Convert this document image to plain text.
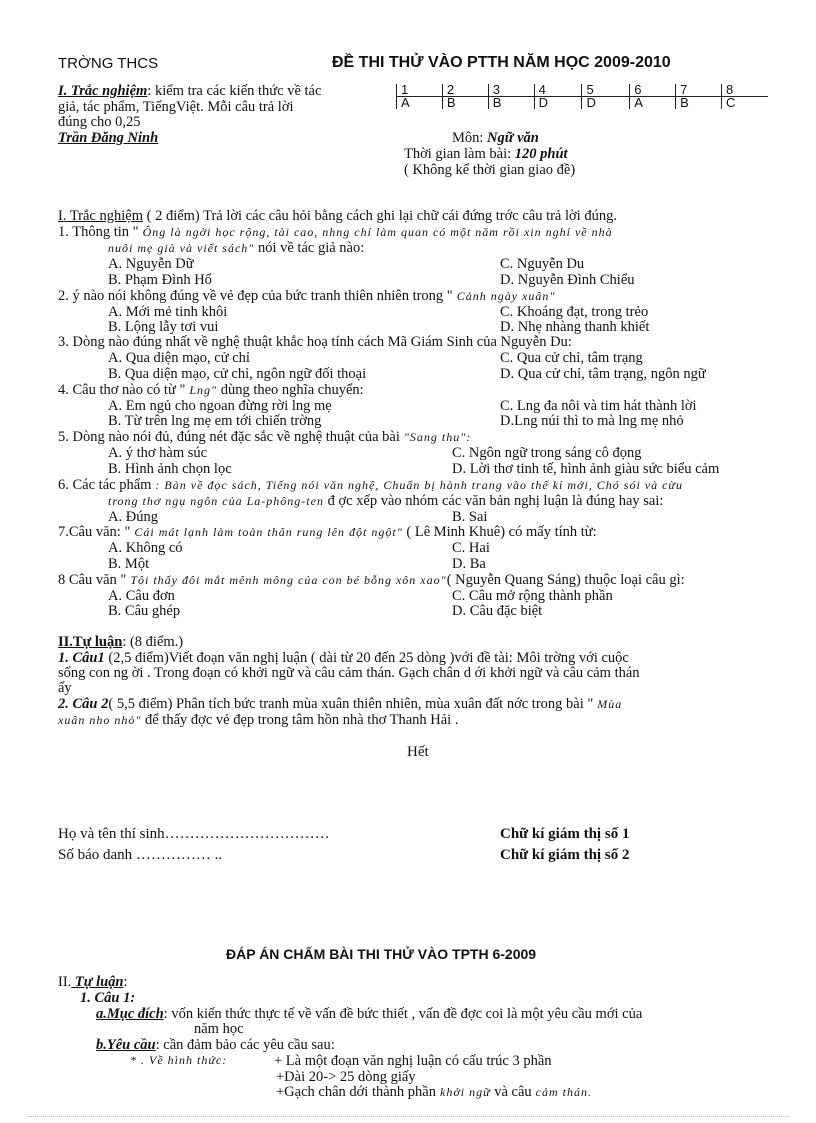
TRỜNG THCS	ĐỀ THI THỬ VÀO PTTH NĂM HỌC 2009-2010
I. Trắc nghiệm: kiểm tra các kiến thức về tác
giả, tác phẩm, TiếngViệt. Mỗi câu trả lời
đúng cho 0,25
Trần Đăng Ninh
1	2	3	4	5	6	7	8
A	B	B	D	D	A	B	C
Môn: Ngữ văn
Thời gian làm bài: 120 phút
( Không kể thời gian giao đề)
I. Trắc nghiệm ( 2 điểm) Trả lời các câu hỏi bằng cách ghi lại chữ cái đứng trớc câu trả lời đúng.
1. Thông tin " Ông là ngời học rộng, tài cao, nhng chỉ làm quan có một năm rồi xin nghỉ về nhà
nuôi mẹ già và viết sách" nói về tác giả nào:
A. Nguyễn Dữ	C. Nguyễn Du
B. Phạm Đình Hổ	D. Nguyễn Đình Chiểu
2. ý nào nói không đúng về vẻ đẹp của bức tranh thiên nhiên trong " Cảnh ngày xuân"
A. Mới mẻ tinh khôi	C. Khoáng đạt, trong trẻo
B. Lộng lẫy tơi vui	D. Nhẹ nhàng thanh khiết
3. Dòng nào đúng nhất về nghệ thuật khắc hoạ tính cách Mã Giám Sinh của Nguyễn Du:
A. Qua diện mạo, cử chỉ	C. Qua cử chỉ, tâm trạng
B. Qua diện mạo, cử chỉ, ngôn ngữ đối thoại	D. Qua cử chỉ, tâm trạng, ngôn ngữ
4. Câu thơ nào có từ " Lng" dùng theo nghĩa chuyển:
A. Em ngủ cho ngoan đừng rời lng mẹ	C. Lng đa nôi và tim hát thành lời
B. Từ trên lng mẹ em tới chiến trờng	D.Lng núi thì to mà lng mẹ nhỏ
5. Dòng nào nói đủ, đúng nét đặc sắc về nghệ thuật của bài "Sang thu":
A. ý thơ hàm súc	C. Ngôn ngữ trong sáng cô đọng
B. Hình ảnh chọn lọc	D. Lời thơ tinh tế, hình ảnh giàu sức biểu cảm
6. Các tác phẩm : Bàn về đọc sách, Tiếng nói văn nghệ, Chuẩn bị hành trang vào thế kỉ mới, Chó sói và cừu
trong thơ ngụ ngôn của La-phông-ten đ ợc xếp vào nhóm các văn bản nghị luận là đúng hay sai:
A. Đúng	B. Sai
7.Câu văn: " Cái mát lạnh làm toàn thân rung lên đột ngột" ( Lê Minh Khuê) có mấy tính từ:
A. Không có	C. Hai
B. Một	D. Ba
8 Câu văn " Tôi thấy đôi mắt mênh mông của con bé bỗng xôn xao"( Nguyễn Quang Sáng) thuộc loại câu gì:
A. Câu đơn	C. Câu mở rộng thành phần
B. Câu ghép	D. Câu đặc biệt
II.Tự luận: (8 điểm.)
1. Câu1 (2,5 điểm)Viết đoạn văn nghị luận ( dài từ 20 đến 25 dòng )với đề tài: Môi trờng với cuộc
sống con ng ời . Trong đoạn có khởi ngữ và câu cảm thán. Gạch chân d ới khởi ngữ và câu cảm thán
ấy
2. Câu 2( 5,5 điểm) Phân tích bức tranh mùa xuân thiên nhiên, mùa xuân đất nớc trong bài " Mùa
xuân nho nhỏ" để thấy đợc vẻ đẹp trong tâm hồn nhà thơ Thanh Hải .
Hết
Họ và tên thí sinh……………………………	Chữ kí giám thị số 1
Số báo danh …………… ..	Chữ kí giám thị số 2
ĐÁP ÁN CHẤM BÀI THI THỬ VÀO TPTH 6-2009
II. Tự luận:
1. Câu 1:
a.Mục đích: vốn kiến thức thực tế về vấn đề bức thiết , vấn đề đợc coi là một yêu cầu mới của
năm học
b.Yêu cầu: cần đảm bảo các yêu cầu sau:
* . Về hình thức:	+ Là một đoạn văn nghị luận có cấu trúc 3 phần
+Dài 20-> 25 dòng giấy
+Gạch chân dới thành phần khởi ngữ và câu cảm thán.
